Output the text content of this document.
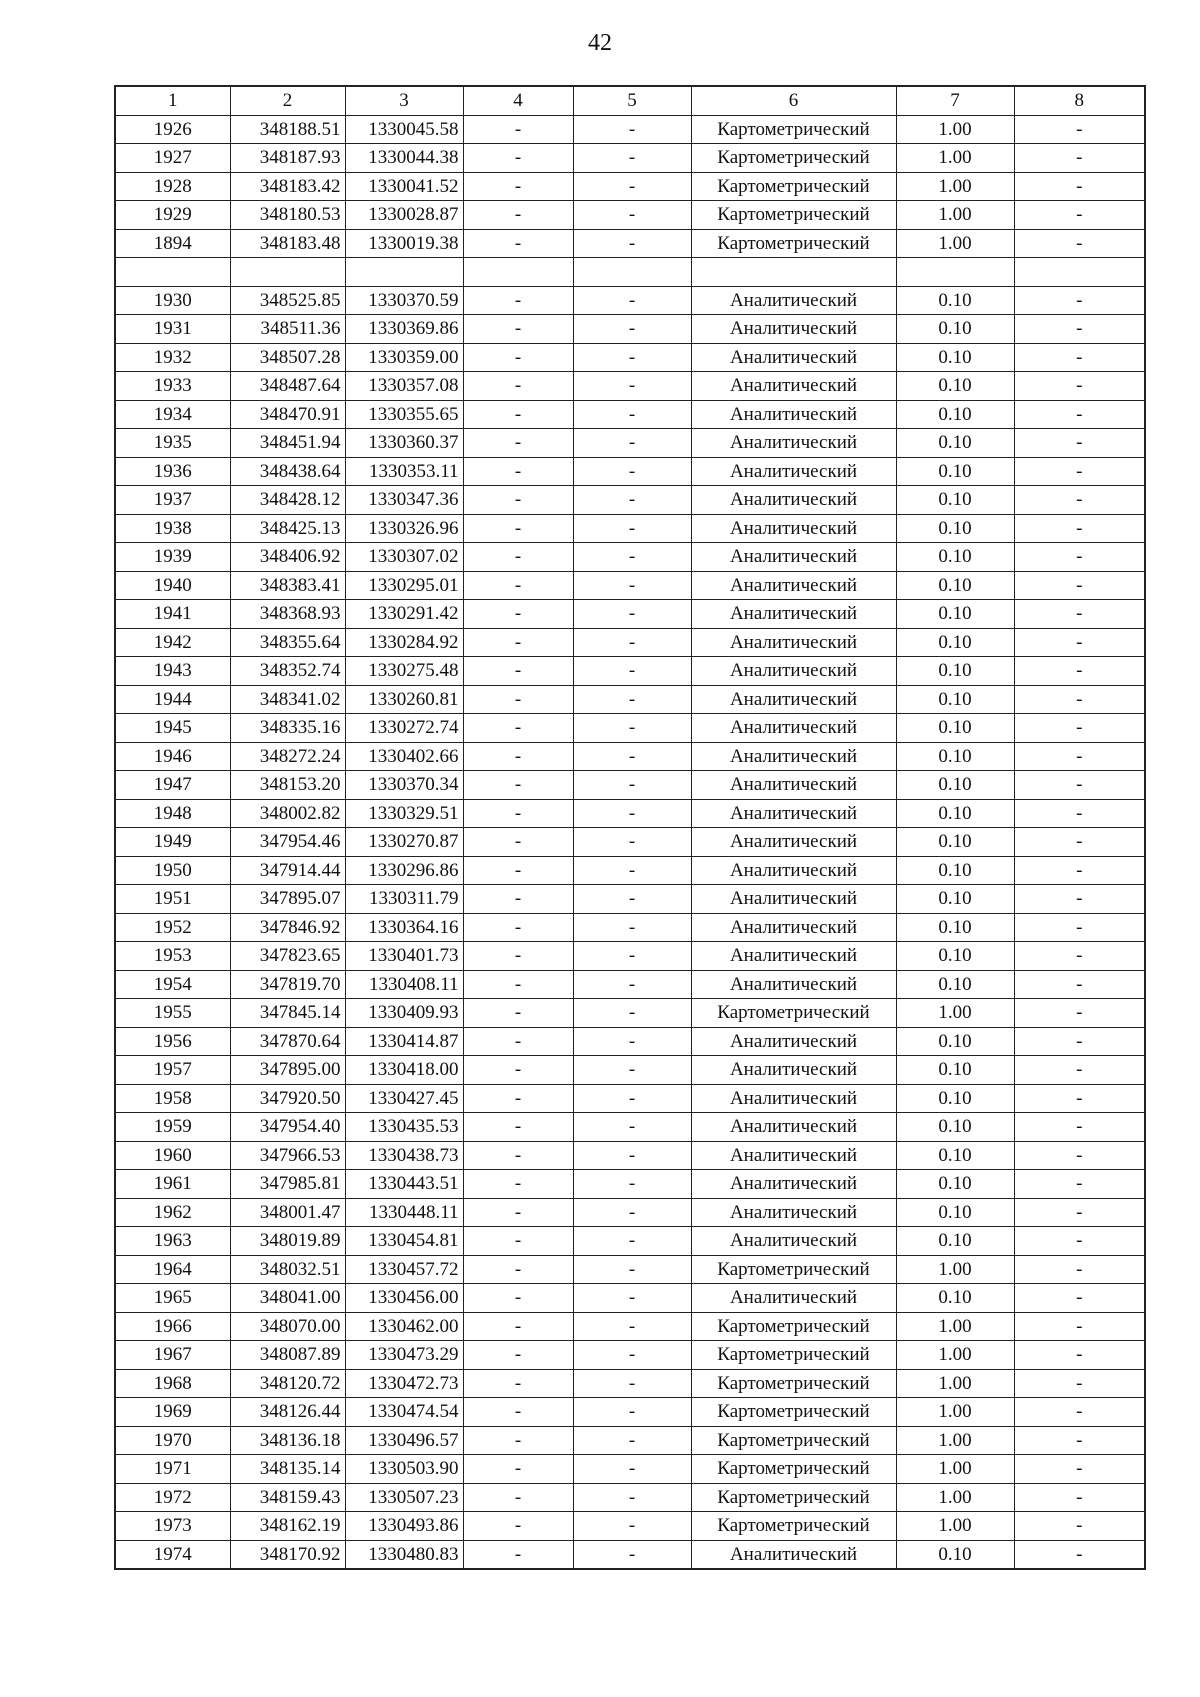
42
1	2	3	4	5	6	7	8
1926	348188.51	1330045.58	-	-	Картометрический	1.00	-
1927	348187.93	1330044.38	-	-	Картометрический	1.00	-
1928	348183.42	1330041.52	-	-	Картометрический	1.00	-
1929	348180.53	1330028.87	-	-	Картометрический	1.00	-
1894	348183.48	1330019.38	-	-	Картометрический	1.00	-

1930	348525.85	1330370.59	-	-	Аналитический	0.10	-
1931	348511.36	1330369.86	-	-	Аналитический	0.10	-
1932	348507.28	1330359.00	-	-	Аналитический	0.10	-
1933	348487.64	1330357.08	-	-	Аналитический	0.10	-
1934	348470.91	1330355.65	-	-	Аналитический	0.10	-
1935	348451.94	1330360.37	-	-	Аналитический	0.10	-
1936	348438.64	1330353.11	-	-	Аналитический	0.10	-
1937	348428.12	1330347.36	-	-	Аналитический	0.10	-
1938	348425.13	1330326.96	-	-	Аналитический	0.10	-
1939	348406.92	1330307.02	-	-	Аналитический	0.10	-
1940	348383.41	1330295.01	-	-	Аналитический	0.10	-
1941	348368.93	1330291.42	-	-	Аналитический	0.10	-
1942	348355.64	1330284.92	-	-	Аналитический	0.10	-
1943	348352.74	1330275.48	-	-	Аналитический	0.10	-
1944	348341.02	1330260.81	-	-	Аналитический	0.10	-
1945	348335.16	1330272.74	-	-	Аналитический	0.10	-
1946	348272.24	1330402.66	-	-	Аналитический	0.10	-
1947	348153.20	1330370.34	-	-	Аналитический	0.10	-
1948	348002.82	1330329.51	-	-	Аналитический	0.10	-
1949	347954.46	1330270.87	-	-	Аналитический	0.10	-
1950	347914.44	1330296.86	-	-	Аналитический	0.10	-
1951	347895.07	1330311.79	-	-	Аналитический	0.10	-
1952	347846.92	1330364.16	-	-	Аналитический	0.10	-
1953	347823.65	1330401.73	-	-	Аналитический	0.10	-
1954	347819.70	1330408.11	-	-	Аналитический	0.10	-
1955	347845.14	1330409.93	-	-	Картометрический	1.00	-
1956	347870.64	1330414.87	-	-	Аналитический	0.10	-
1957	347895.00	1330418.00	-	-	Аналитический	0.10	-
1958	347920.50	1330427.45	-	-	Аналитический	0.10	-
1959	347954.40	1330435.53	-	-	Аналитический	0.10	-
1960	347966.53	1330438.73	-	-	Аналитический	0.10	-
1961	347985.81	1330443.51	-	-	Аналитический	0.10	-
1962	348001.47	1330448.11	-	-	Аналитический	0.10	-
1963	348019.89	1330454.81	-	-	Аналитический	0.10	-
1964	348032.51	1330457.72	-	-	Картометрический	1.00	-
1965	348041.00	1330456.00	-	-	Аналитический	0.10	-
1966	348070.00	1330462.00	-	-	Картометрический	1.00	-
1967	348087.89	1330473.29	-	-	Картометрический	1.00	-
1968	348120.72	1330472.73	-	-	Картометрический	1.00	-
1969	348126.44	1330474.54	-	-	Картометрический	1.00	-
1970	348136.18	1330496.57	-	-	Картометрический	1.00	-
1971	348135.14	1330503.90	-	-	Картометрический	1.00	-
1972	348159.43	1330507.23	-	-	Картометрический	1.00	-
1973	348162.19	1330493.86	-	-	Картометрический	1.00	-
1974	348170.92	1330480.83	-	-	Аналитический	0.10	-
